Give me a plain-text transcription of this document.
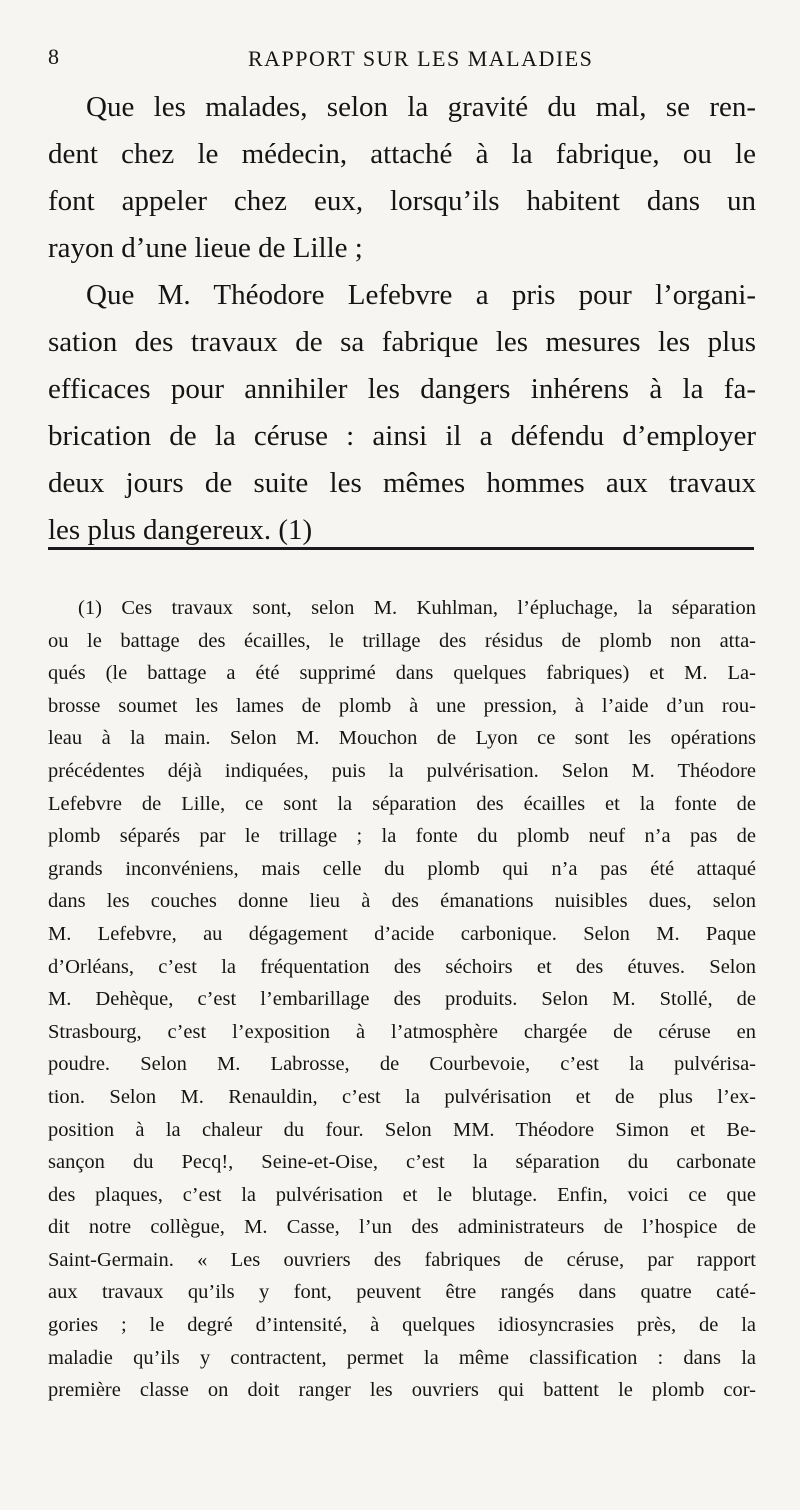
8	RAPPORT SUR LES MALADIES
Que les malades, selon la gravité du mal, se ren-
dent chez le médecin, attaché à la fabrique, ou le
font appeler chez eux, lorsqu’ils habitent dans un
rayon d’une lieue de Lille ;
Que M. Théodore Lefebvre a pris pour l’organi-
sation des travaux de sa fabrique les mesures les plus
efficaces pour annihiler les dangers inhérens à la fa-
brication de la céruse : ainsi il a défendu d’employer
deux jours de suite les mêmes hommes aux travaux
les plus dangereux. (1)
(1) Ces travaux sont, selon M. Kuhlman, l’épluchage, la séparation
ou le battage des écailles, le trillage des résidus de plomb non atta-
qués (le battage a été supprimé dans quelques fabriques) et M. La-
brosse soumet les lames de plomb à une pression, à l’aide d’un rou-
leau à la main. Selon M. Mouchon de Lyon ce sont les opérations
précédentes déjà indiquées, puis la pulvérisation. Selon M. Théodore
Lefebvre de Lille, ce sont la séparation des écailles et la fonte de
plomb séparés par le trillage ; la fonte du plomb neuf n’a pas de
grands inconvéniens, mais celle du plomb qui n’a pas été attaqué
dans les couches donne lieu à des émanations nuisibles dues, selon
M. Lefebvre, au dégagement d’acide carbonique. Selon M. Paque
d’Orléans, c’est la fréquentation des séchoirs et des étuves. Selon
M. Dehèque, c’est l’embarillage des produits. Selon M. Stollé, de
Strasbourg, c’est l’exposition à l’atmosphère chargée de céruse en
poudre. Selon M. Labrosse, de Courbevoie, c’est la pulvérisa-
tion. Selon M. Renauldin, c’est la pulvérisation et de plus l’ex-
position à la chaleur du four. Selon MM. Théodore Simon et Be-
sançon du Pecq!, Seine-et-Oise, c’est la séparation du carbonate
des plaques, c’est la pulvérisation et le blutage. Enfin, voici ce que
dit notre collègue, M. Casse, l’un des administrateurs de l’hospice de
Saint-Germain. « Les ouvriers des fabriques de céruse, par rapport
aux travaux qu’ils y font, peuvent être rangés dans quatre caté-
gories ; le degré d’intensité, à quelques idiosyncrasies près, de la
maladie qu’ils y contractent, permet la même classification : dans la
première classe on doit ranger les ouvriers qui battent le plomb cor-
